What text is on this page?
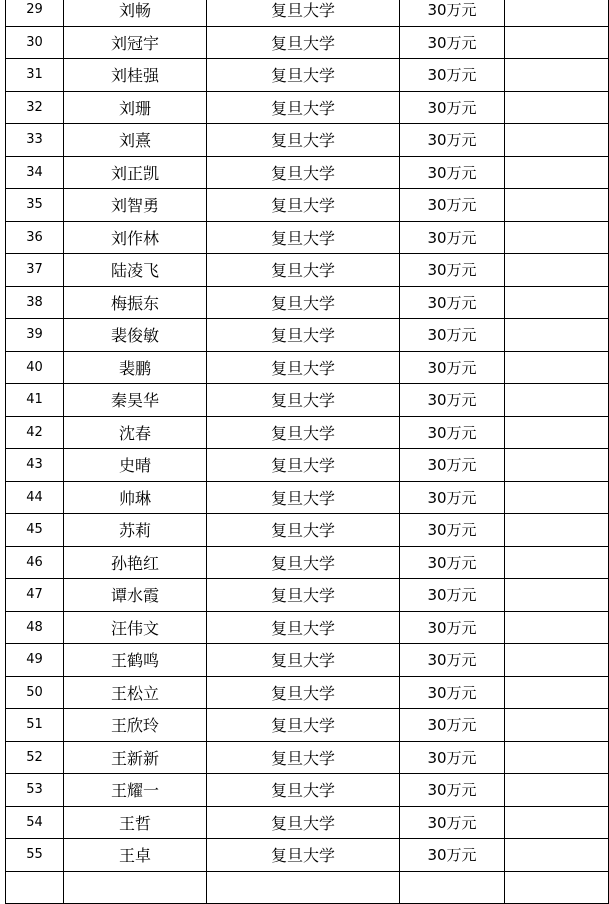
29	刘畅	复旦大学	30万元	
30	刘冠宇	复旦大学	30万元	
31	刘桂强	复旦大学	30万元	
32	刘珊	复旦大学	30万元	
33	刘熹	复旦大学	30万元	
34	刘正凯	复旦大学	30万元	
35	刘智勇	复旦大学	30万元	
36	刘作林	复旦大学	30万元	
37	陆凌飞	复旦大学	30万元	
38	梅振东	复旦大学	30万元	
39	裴俊敏	复旦大学	30万元	
40	裴鹏	复旦大学	30万元	
41	秦昊华	复旦大学	30万元	
42	沈春	复旦大学	30万元	
43	史晴	复旦大学	30万元	
44	帅琳	复旦大学	30万元	
45	苏莉	复旦大学	30万元	
46	孙艳红	复旦大学	30万元	
47	谭水霞	复旦大学	30万元	
48	汪伟文	复旦大学	30万元	
49	王鹤鸣	复旦大学	30万元	
50	王松立	复旦大学	30万元	
51	王欣玲	复旦大学	30万元	
52	王新新	复旦大学	30万元	
53	王耀一	复旦大学	30万元	
54	王哲	复旦大学	30万元	
55	王卓	复旦大学	30万元	
